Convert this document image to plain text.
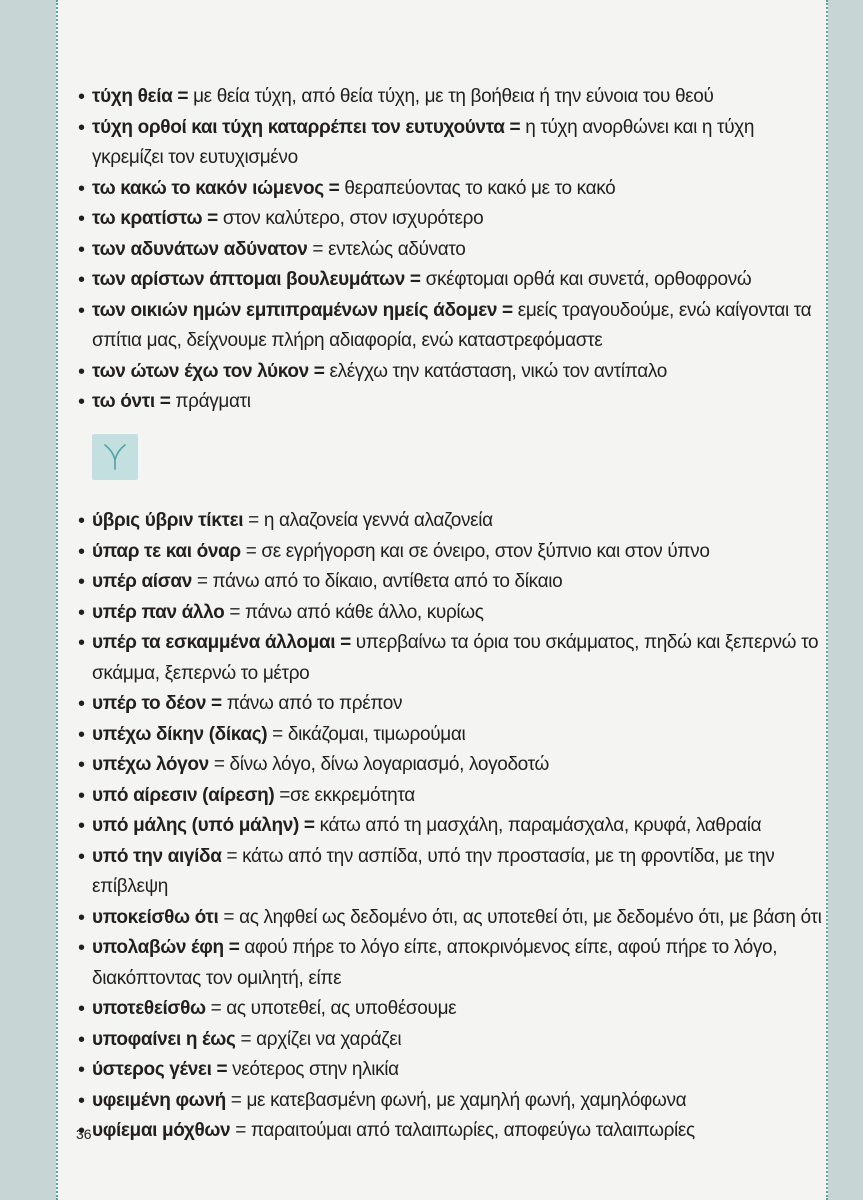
• τύχη θεία = με θεία τύχη, από θεία τύχη, με τη βοήθεια ή την εύνοια του θεού
• τύχη ορθοί και τύχη καταρρέπει τον ευτυχούντα = η τύχη ανορθώνει και η τύχη γκρεμίζει τον ευτυχισμένο
• τω κακώ το κακόν ιώμενος = θεραπεύοντας το κακό με το κακό
• τω κρατίστω = στον καλύτερο, στον ισχυρότερο
• των αδυνάτων αδύνατον = εντελώς αδύνατο
• των αρίστων άπτομαι βουλευμάτων = σκέφτομαι ορθά και συνετά, ορθοφρονώ
• των οικιών ημών εμπιπραμένων ημείς άδομεν = εμείς τραγουδούμε, ενώ καίγονται τα σπίτια μας, δείχνουμε πλήρη αδιαφορία, ενώ καταστρεφόμαστε
• των ώτων έχω τον λύκον = ελέγχω την κατάσταση, νικώ τον αντίπαλο
• τω όντι = πράγματι
• ύβρις ύβριν τίκτει = η αλαζονεία γεννά αλαζονεία
• ύπαρ τε και όναρ = σε εγρήγορση και σε όνειρο, στον ξύπνιο και στον ύπνο
• υπέρ αίσαν = πάνω από το δίκαιο, αντίθετα από το δίκαιο
• υπέρ παν άλλο = πάνω από κάθε άλλο, κυρίως
• υπέρ τα εσκαμμένα άλλομαι = υπερβαίνω τα όρια του σκάμματος, πηδώ και ξεπερνώ το σκάμμα, ξεπερνώ το μέτρο
• υπέρ το δέον = πάνω από το πρέπον
• υπέχω δίκην (δίκας) = δικάζομαι, τιμωρούμαι
• υπέχω λόγον = δίνω λόγο, δίνω λογαριασμό, λογοδοτώ
• υπό αίρεσιν (αίρεση) =σε εκκρεμότητα
• υπό μάλης (υπό μάλην) = κάτω από τη μασχάλη, παραμάσχαλα, κρυφά, λαθραία
• υπό την αιγίδα = κάτω από την ασπίδα, υπό την προστασία, με τη φροντίδα, με την επίβλεψη
• υποκείσθω ότι = ας ληφθεί ως δεδομένο ότι, ας υποτεθεί ότι, με δεδομένο ότι, με βάση ότι
• υπολαβών έφη = αφού πήρε το λόγο είπε, αποκρινόμενος είπε, αφού πήρε το λόγο, διακόπτοντας τον ομιλητή, είπε
• υποτεθείσθω = ας υποτεθεί, ας υποθέσουμε
• υποφαίνει η έως = αρχίζει να χαράζει
• ύστερος γένει = νεότερος στην ηλικία
• υφειμένη φωνή = με κατεβασμένη φωνή, με χαμηλή φωνή, χαμηλόφωνα
• υφίεμαι μόχθων = παραιτούμαι από ταλαιπωρίες, αποφεύγω ταλαιπωρίες
36
